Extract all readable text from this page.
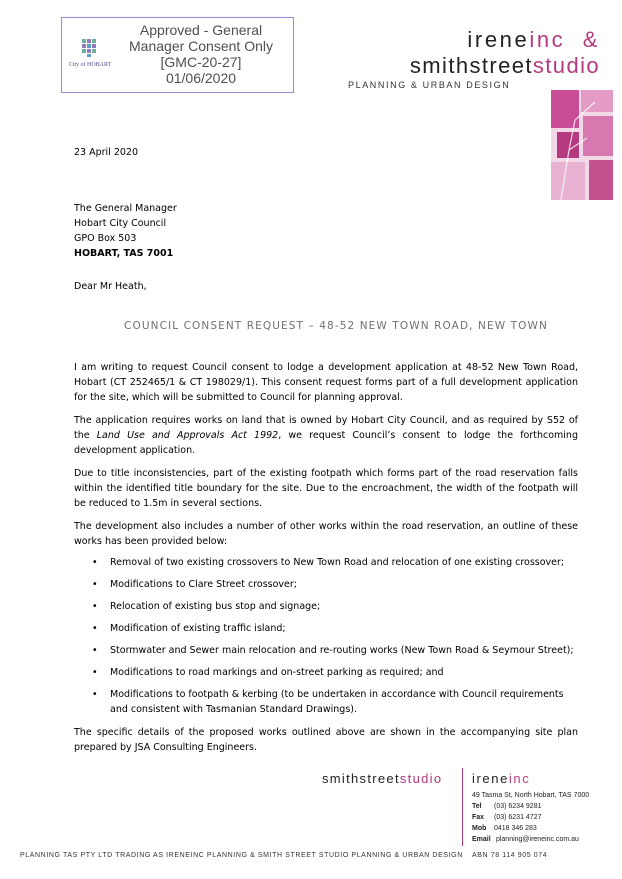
City of HOBART
Approved - General
Manager Consent Only
[GMC-20-27]
01/06/2020
ireneinc &
smithstreetstudio
PLANNING & URBAN DESIGN
23 April 2020
The General Manager
Hobart City Council
GPO Box 503
HOBART, TAS 7001
Dear Mr Heath,
COUNCIL CONSENT REQUEST – 48-52 NEW TOWN ROAD, NEW TOWN

I am writing to request Council consent to lodge a development application at 48-52 New Town Road, Hobart (CT 252465/1 & CT 198029/1). This consent request forms part of a full development application for the site, which will be submitted to Council for planning approval.

The application requires works on land that is owned by Hobart City Council, and as required by S52 of the Land Use and Approvals Act 1992, we request Council’s consent to lodge the forthcoming development application.

Due to title inconsistencies, part of the existing footpath which forms part of the road reservation falls within the identified title boundary for the site. Due to the encroachment, the width of the footpath will be reduced to 1.5m in several sections.

The development also includes a number of other works within the road reservation, an outline of these works has been provided below:

• Removal of two existing crossovers to New Town Road and relocation of one existing crossover;
• Modifications to Clare Street crossover;
• Relocation of existing bus stop and signage;
• Modification of existing traffic island;
• Stormwater and Sewer main relocation and re-routing works (New Town Road & Seymour Street);
• Modifications to road markings and on-street parking as required; and
• Modifications to footpath & kerbing (to be undertaken in accordance with Council requirements and consistent with Tasmanian Standard Drawings).

The specific details of the proposed works outlined above are shown in the accompanying site plan prepared by JSA Consulting Engineers.

smithstreetstudio ireneinc
49 Tasma St, North Hobart, TAS 7000
Tel (03) 6234 9281
Fax (03) 6231 4727
Mob 0418 346 283
Email planning@ireneinc.com.au
PLANNING TAS PTY LTD TRADING AS IRENEINC PLANNING & SMITH STREET STUDIO PLANNING & URBAN DESIGN ABN 78 114 905 074
